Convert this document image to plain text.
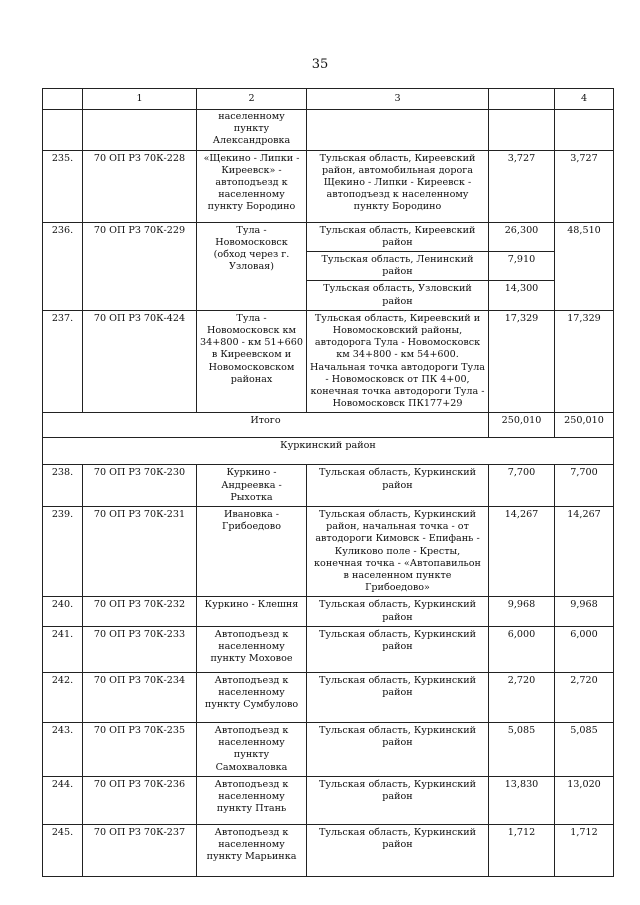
35
	1	2	3		4
		населенному пункту Александровка			
235.	70 ОП РЗ 70К-228	«Щекино - Липки - Киреевск» - автоподъезд к населенному пункту Бородино	Тульская область, Киреевский район, автомобильная дорога Щекино - Липки - Киреевск - автоподъезд к населенному пункту Бородино	3,727	3,727
236.	70 ОП РЗ 70К-229	Тула - Новомосковск (обход через г. Узловая)	Тульская область, Киреевский район	26,300	48,510
			Тульская область, Ленинский район	7,910	
			Тульская область, Узловский район	14,300	
237.	70 ОП РЗ 70К-424	Тула - Новомосковск км 34+800 - км 51+660 в Киреевском и Новомосковском районах	Тульская область, Киреевский и Новомосковский районы, автодорога Тула - Новомосковск км 34+800 - км 54+600. Начальная точка автодороги Тула - Новомосковск от ПК 4+00, конечная точка автодороги Тула - Новомосковск ПК177+29	17,329	17,329
Итого				250,010	250,010
Куркинский район					
238.	70 ОП РЗ 70К-230	Куркино - Андреевка - Рыхотка	Тульская область, Куркинский район	7,700	7,700
239.	70 ОП РЗ 70К-231	Ивановка - Грибоедово	Тульская область, Куркинский район, начальная точка - от автодороги Кимовск - Епифань - Куликово поле - Кресты, конечная точка - «Автопавильон в населенном пункте Грибоедово»	14,267	14,267
240.	70 ОП РЗ 70К-232	Куркино - Клешня	Тульская область, Куркинский район	9,968	9,968
241.	70 ОП РЗ 70К-233	Автоподъезд к населенному пункту Моховое	Тульская область, Куркинский район	6,000	6,000
242.	70 ОП РЗ 70К-234	Автоподъезд к населенному пункту Сумбулово	Тульская область, Куркинский район	2,720	2,720
243.	70 ОП РЗ 70К-235	Автоподъезд к населенному пункту Самохваловка	Тульская область, Куркинский район	5,085	5,085
244.	70 ОП РЗ 70К-236	Автоподъезд к населенному пункту Птань	Тульская область, Куркинский район	13,830	13,020
245.	70 ОП РЗ 70К-237	Автоподъезд к населенному пункту Марьинка	Тульская область, Куркинский район	1,712	1,712
